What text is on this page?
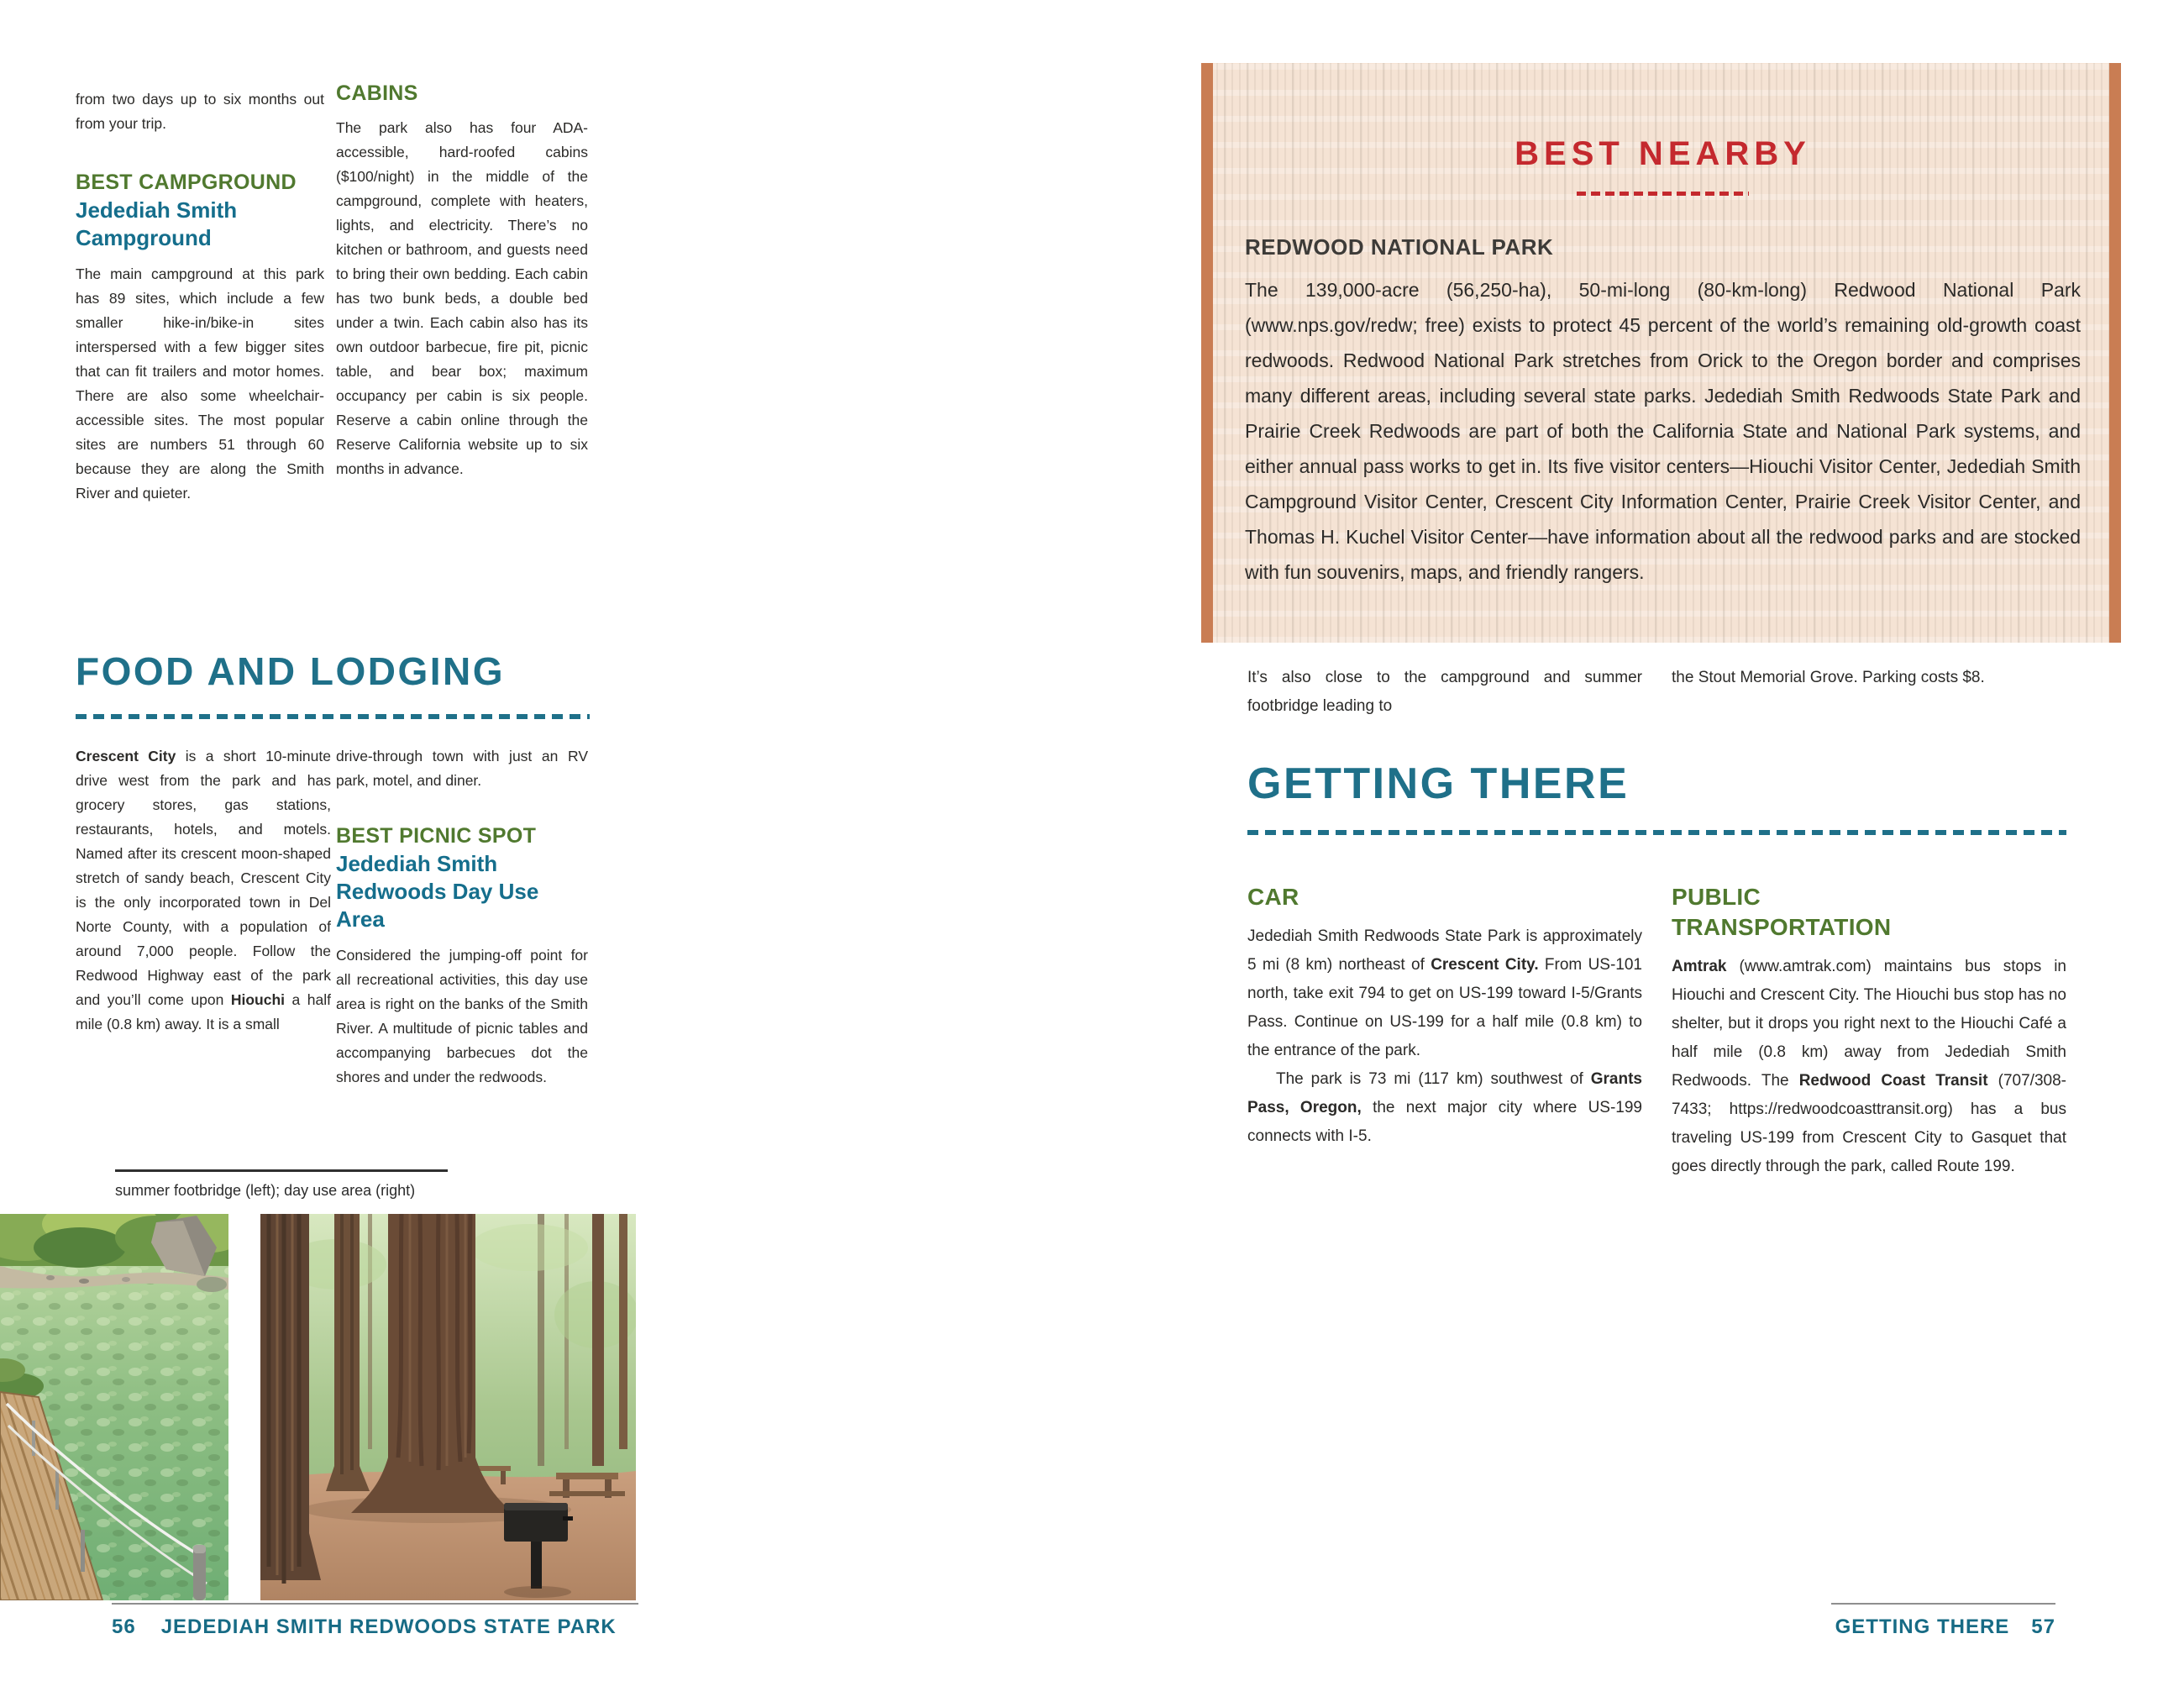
from two days up to six months out from your trip.

BEST CAMPGROUND
Jedediah Smith Campground

The main campground at this park has 89 sites, which include a few smaller hike-in/bike-in sites interspersed with a few bigger sites that can fit trailers and motor homes. There are also some wheelchair-accessible sites. The most popular sites are numbers 51 through 60 because they are along the Smith River and quieter.

CABINS

The park also has four ADA-accessible, hard-roofed cabins ($100/night) in the middle of the campground, complete with heaters, lights, and electricity. There’s no kitchen or bathroom, and guests need to bring their own bedding. Each cabin has two bunk beds, a double bed under a twin. Each cabin also has its own outdoor barbecue, fire pit, picnic table, and bear box; maximum occupancy per cabin is six people. Reserve a cabin online through the Reserve California website up to six months in advance.

FOOD AND LODGING

Crescent City is a short 10-minute drive west from the park and has grocery stores, gas stations, restaurants, hotels, and motels. Named after its crescent moon-shaped stretch of sandy beach, Crescent City is the only incorporated town in Del Norte County, with a population of around 7,000 people. Follow the Redwood Highway east of the park and you’ll come upon Hiouchi a half mile (0.8 km) away. It is a small

drive-through town with just an RV park, motel, and diner.

BEST PICNIC SPOT
Jedediah Smith Redwoods Day Use Area

Considered the jumping-off point for all recreational activities, this day use area is right on the banks of the Smith River. A multitude of picnic tables and accompanying barbecues dot the shores and under the redwoods.

summer footbridge (left); day use area (right)

56 JEDEDIAH SMITH REDWOODS STATE PARK
BEST NEARBY
REDWOOD NATIONAL PARK

The 139,000-acre (56,250-ha), 50-mi-long (80-km-long) Redwood National Park (www.nps.gov/redw; free) exists to protect 45 percent of the world’s remaining old-growth coast redwoods. Redwood National Park stretches from Orick to the Oregon border and comprises many different areas, including several state parks. Jedediah Smith Redwoods State Park and Prairie Creek Redwoods are part of both the California State and National Park systems, and either annual pass works to get in. Its five visitor centers—Hiouchi Visitor Center, Jedediah Smith Campground Visitor Center, Crescent City Information Center, Prairie Creek Visitor Center, and Thomas H. Kuchel Visitor Center—have information about all the redwood parks and are stocked with fun souvenirs, maps, and friendly rangers.

It’s also close to the campground and summer footbridge leading to

the Stout Memorial Grove. Parking costs $8.

GETTING THERE
CAR

Jedediah Smith Redwoods State Park is approximately 5 mi (8 km) northeast of Crescent City. From US-101 north, take exit 794 to get on US-199 toward I-5/Grants Pass. Continue on US-199 for a half mile (0.8 km) to the entrance of the park.

The park is 73 mi (117 km) southwest of Grants Pass, Oregon, the next major city where US-199 connects with I-5.

PUBLIC TRANSPORTATION

Amtrak (www.amtrak.com) maintains bus stops in Hiouchi and Crescent City. The Hiouchi bus stop has no shelter, but it drops you right next to the Hiouchi Café a half mile (0.8 km) away from Jedediah Smith Redwoods. The Redwood Coast Transit (707/308-7433; https://redwoodcoasttransit.org) has a bus traveling US-199 from Crescent City to Gasquet that goes directly through the park, called Route 199.

GETTING THERE 57
